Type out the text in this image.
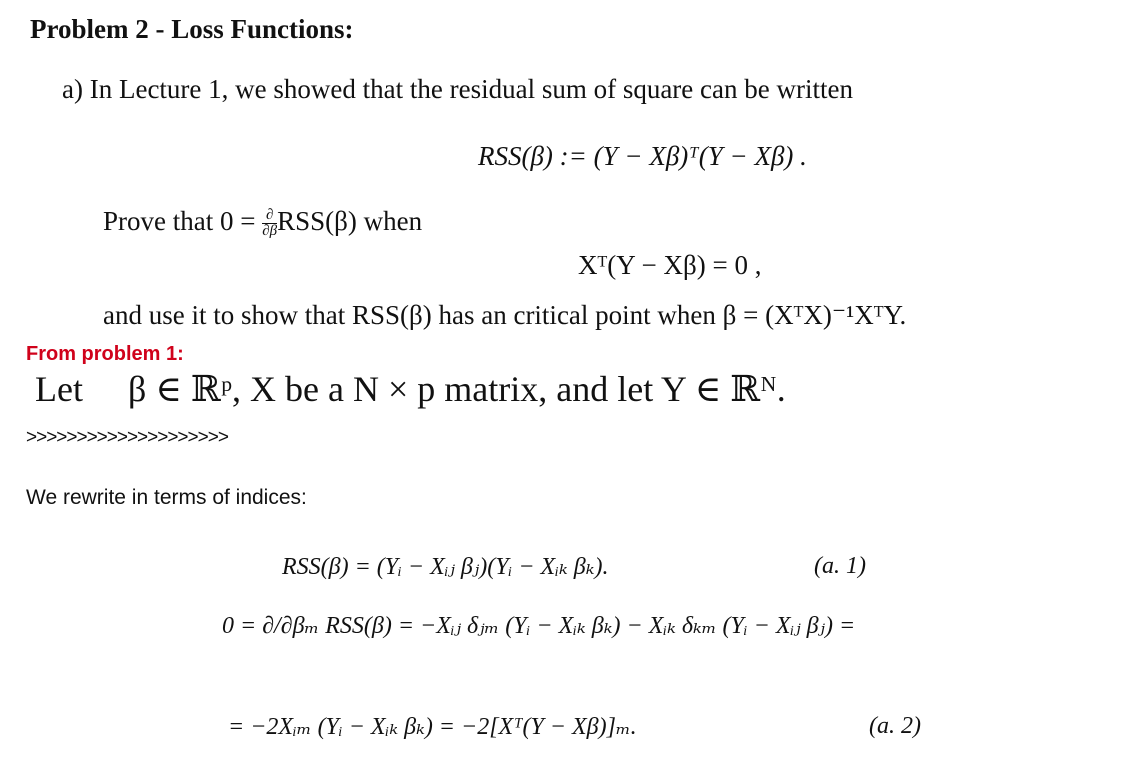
Problem 2 - Loss Functions:
a) In Lecture 1, we showed that the residual sum of square can be written
RSS(β) := (Y − Xβ)ᵀ(Y − Xβ) .
Prove that $0 = \frac{\partial}{\partial\beta} RSS(\beta)$ when
Xᵀ(Y − Xβ) = 0 ,
and use it to show that RSS(β) has an critical point when β = (XᵀX)⁻¹XᵀY.
From problem 1:
Let     β ∈ ℝᵖ, X be a N × p matrix, and let Y ∈ ℝᴺ.
>>>>>>>>>>>>>>>>>>>>
We rewrite in terms of indices:
RSS(β) = (Yᵢ − Xᵢⱼ βⱼ)(Yᵢ − Xᵢₖ βₖ).	(a. 1)
0 = ∂/∂βₘ RSS(β) = −Xᵢⱼ δⱼₘ (Yᵢ − Xᵢₖ βₖ) − Xᵢₖ δₖₘ (Yᵢ − Xᵢⱼ βⱼ) =
= −2Xᵢₘ (Yᵢ − Xᵢₖ βₖ) = −2[Xᵀ(Y − Xβ)]ₘ.	(a. 2)
